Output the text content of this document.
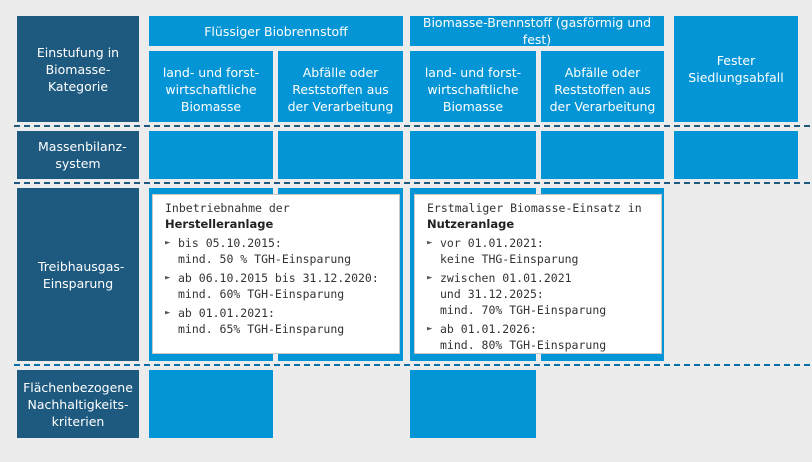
Einstufung in Biomasse-Kategorie
Massenbilanz-system
Treibhausgas-Einsparung
Flächenbezogene Nachhaltigkeits-kriterien
Flüssiger Biobrennstoff
Biomasse-Brennstoff (gasförmig und fest)
land- und forst-wirtschaftliche Biomasse
Abfälle oder Reststoffen aus der Verarbeitung
land- und forst-wirtschaftliche Biomasse
Abfälle oder Reststoffen aus der Verarbeitung
Fester Siedlungsabfall
Inbetriebnahme der Herstelleranlage
► bis 05.10.2015:
mind. 50 % TGH-Einsparung
► ab 06.10.2015 bis 31.12.2020:
mind. 60% TGH-Einsparung
► ab 01.01.2021:
mind. 65% TGH-Einsparung
Erstmaliger Biomasse-Einsatz in Nutzeranlage
► vor 01.01.2021:
keine THG-Einsparung
► zwischen 01.01.2021
und 31.12.2025:
mind. 70% TGH-Einsparung
► ab 01.01.2026:
mind. 80% TGH-Einsparung
